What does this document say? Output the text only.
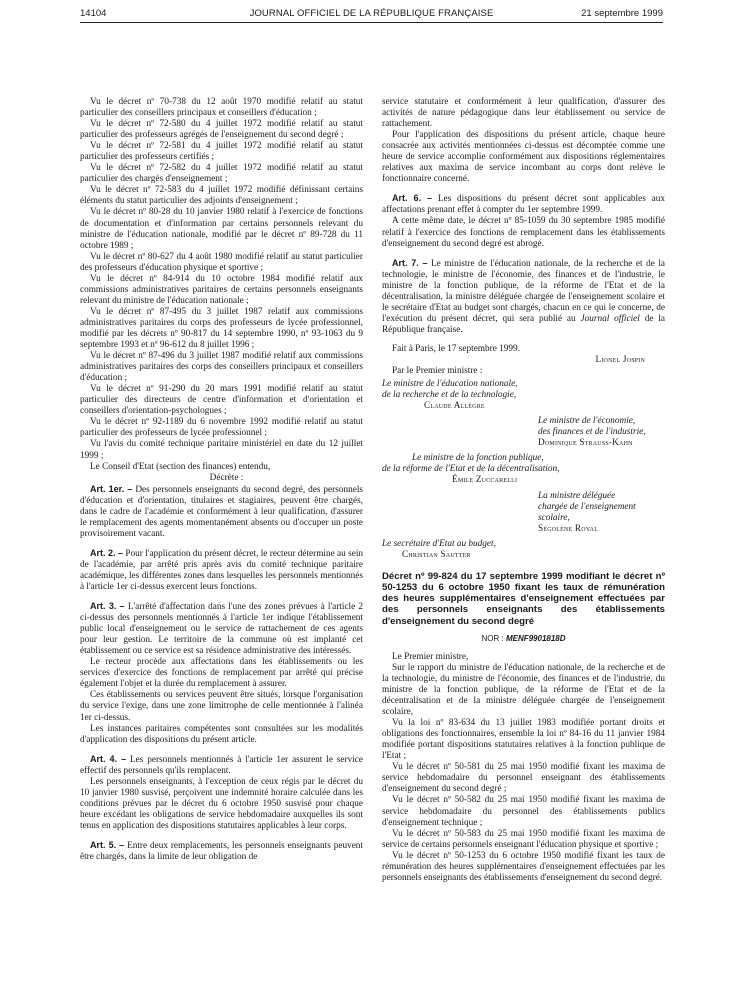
14104	JOURNAL OFFICIEL DE LA RÉPUBLIQUE FRANÇAISE	21 septembre 1999

Vu le décret nº 70-738 du 12 août 1970 modifié relatif au statut particulier des conseillers principaux et conseillers d'éducation ;

Vu le décret nº 72-580 du 4 juillet 1972 modifié relatif au statut particulier des professeurs agrégés de l'enseignement du second degré ;

Vu le décret nº 72-581 du 4 juillet 1972 modifié relatif au statut particulier des professeurs certifiés ;

Vu le décret nº 72-582 du 4 juillet 1972 modifié relatif au statut particulier des chargés d'enseignement ;

Vu le décret nº 72-583 du 4 juillet 1972 modifié définissant certains éléments du statut particulier des adjoints d'enseignement ;

Vu le décret nº 80-28 du 10 janvier 1980 relatif à l'exercice de fonctions de documentation et d'information par certains personnels relevant du ministre de l'éducation nationale, modifié par le décret nº 89-728 du 11 octobre 1989 ;

Vu le décret nº 80-627 du 4 août 1980 modifié relatif au statut particulier des professeurs d'éducation physique et sportive ;

Vu le décret nº 84-914 du 10 octobre 1984 modifié relatif aux commissions administratives paritaires de certains personnels enseignants relevant du ministre de l'éducation nationale ;

Vu le décret nº 87-495 du 3 juillet 1987 relatif aux commissions administratives paritaires du corps des professeurs de lycée professionnel, modifié par les décrets nº 90-817 du 14 septembre 1990, nº 93-1063 du 9 septembre 1993 et nº 96-612 du 8 juillet 1996 ;

Vu le décret nº 87-496 du 3 juillet 1987 modifié relatif aux commissions administratives paritaires des corps des conseillers principaux et conseillers d'éducation ;

Vu le décret nº 91-290 du 20 mars 1991 modifié relatif au statut particulier des directeurs de centre d'information et d'orientation et conseillers d'orientation-psychologues ;

Vu le décret nº 92-1189 du 6 novembre 1992 modifié relatif au statut particulier des professeurs de lycée professionnel ;

Vu l'avis du comité technique paritaire ministériel en date du 12 juillet 1999 ;

Le Conseil d'Etat (section des finances) entendu,

Décrète :

Art. 1er. – Des personnels enseignants du second degré, des personnels d'éducation et d'orientation, titulaires et stagiaires, peuvent être chargés, dans le cadre de l'académie et conformément à leur qualification, d'assurer le remplacement des agents momentanément absents ou d'occuper un poste provisoirement vacant.

Art. 2. – Pour l'application du présent décret, le recteur détermine au sein de l'académie, par arrêté pris après avis du comité technique paritaire académique, les différentes zones dans lesquelles les personnels mentionnés à l'article 1er ci-dessus exercent leurs fonctions.

Art. 3. – L'arrêté d'affectation dans l'une des zones prévues à l'article 2 ci-dessus des personnels mentionnés à l'article 1er indique l'établissement public local d'enseignement ou le service de rattachement de ces agents pour leur gestion. Le territoire de la commune où est implanté cet établissement ou ce service est sa résidence administrative des intéressés.

Le recteur procède aux affectations dans les établissements ou les services d'exercice des fonctions de remplacement par arrêté qui précise également l'objet et la durée du remplacement à assurer.

Ces établissements ou services peuvent être situés, lorsque l'organisation du service l'exige, dans une zone limitrophe de celle mentionnée à l'alinéa 1er ci-dessus.

Les instances paritaires compétentes sont consultées sur les modalités d'application des dispositions du présent article.

Art. 4. – Les personnels mentionnés à l'article 1er assurent le service effectif des personnels qu'ils remplacent.

Les personnels enseignants, à l'exception de ceux régis par le décret du 10 janvier 1980 susvisé, perçoivent une indemnité horaire calculée dans les conditions prévues par le décret du 6 octobre 1950 susvisé pour chaque heure excédant les obligations de service hebdomadaire auxquelles ils sont tenus en application des dispositions statutaires applicables à leur corps.

Art. 5. – Entre deux remplacements, les personnels enseignants peuvent être chargés, dans la limite de leur obligation de

service statutaire et conformément à leur qualification, d'assurer des activités de nature pédagogique dans leur établissement ou service de rattachement.

Pour l'application des dispositions du présent article, chaque heure consacrée aux activités mentionnées ci-dessus est décomptée comme une heure de service accomplie conformément aux dispositions réglementaires relatives aux maxima de service incombant au corps dont relève le fonctionnaire concerné.

Art. 6. – Les dispositions du présent décret sont applicables aux affectations prenant effet à compter du 1er septembre 1999.

A cette même date, le décret nº 85-1059 du 30 septembre 1985 modifié relatif à l'exercice des fonctions de remplacement dans les établissements d'enseignement du second degré est abrogé.

Art. 7. – Le ministre de l'éducation nationale, de la recherche et de la technologie, le ministre de l'économie, des finances et de l'industrie, le ministre de la fonction publique, de la réforme de l'Etat et de la décentralisation, la ministre déléguée chargée de l'enseignement scolaire et le secrétaire d'Etat au budget sont chargés, chacun en ce qui le concerne, de l'exécution du présent décret, qui sera publié au Journal officiel de la République française.

Fait à Paris, le 17 septembre 1999.

Lionel Jospin

Par le Premier ministre :

Le ministre de l'éducation nationale,
de la recherche et de la technologie,
Claude Allègre
Le ministre de l'économie,
des finances et de l'industrie,
Dominique Strauss-Kahn
Le ministre de la fonction publique,
de la réforme de l'Etat et de la décentralisation,
Émile Zuccarelli
La ministre déléguée
chargée de l'enseignement scolaire,
Ségolène Royal
Le secrétaire d'Etat au budget,
Christian Sautter
Décret nº 99-824 du 17 septembre 1999 modifiant le décret nº 50-1253 du 6 octobre 1950 fixant les taux de rémunération des heures supplémentaires d'enseignement effectuées par des personnels enseignants des établissements d'enseignement du second degré
NOR : MENF9901818D

Le Premier ministre,

Sur le rapport du ministre de l'éducation nationale, de la recherche et de la technologie, du ministre de l'économie, des finances et de l'industrie, du ministre de la fonction publique, de la réforme de l'Etat et de la décentralisation et de la ministre déléguée chargée de l'enseignement scolaire,

Vu la loi nº 83-634 du 13 juillet 1983 modifiée portant droits et obligations des fonctionnaires, ensemble la loi nº 84-16 du 11 janvier 1984 modifiée portant dispositions statutaires relatives à la fonction publique de l'Etat ;

Vu le décret nº 50-581 du 25 mai 1950 modifié fixant les maxima de service hebdomadaire du personnel enseignant des établissements d'enseignement du second degré ;

Vu le décret nº 50-582 du 25 mai 1950 modifié fixant les maxima de service hebdomadaire du personnel des établissements publics d'enseignement technique ;

Vu le décret nº 50-583 du 25 mai 1950 modifié fixant les maxima de service de certains personnels enseignant l'éducation physique et sportive ;

Vu le décret nº 50-1253 du 6 octobre 1950 modifié fixant les taux de rémunération des heures supplémentaires d'enseignement effectuées par les personnels enseignants des établissements d'enseignement du second degré.
